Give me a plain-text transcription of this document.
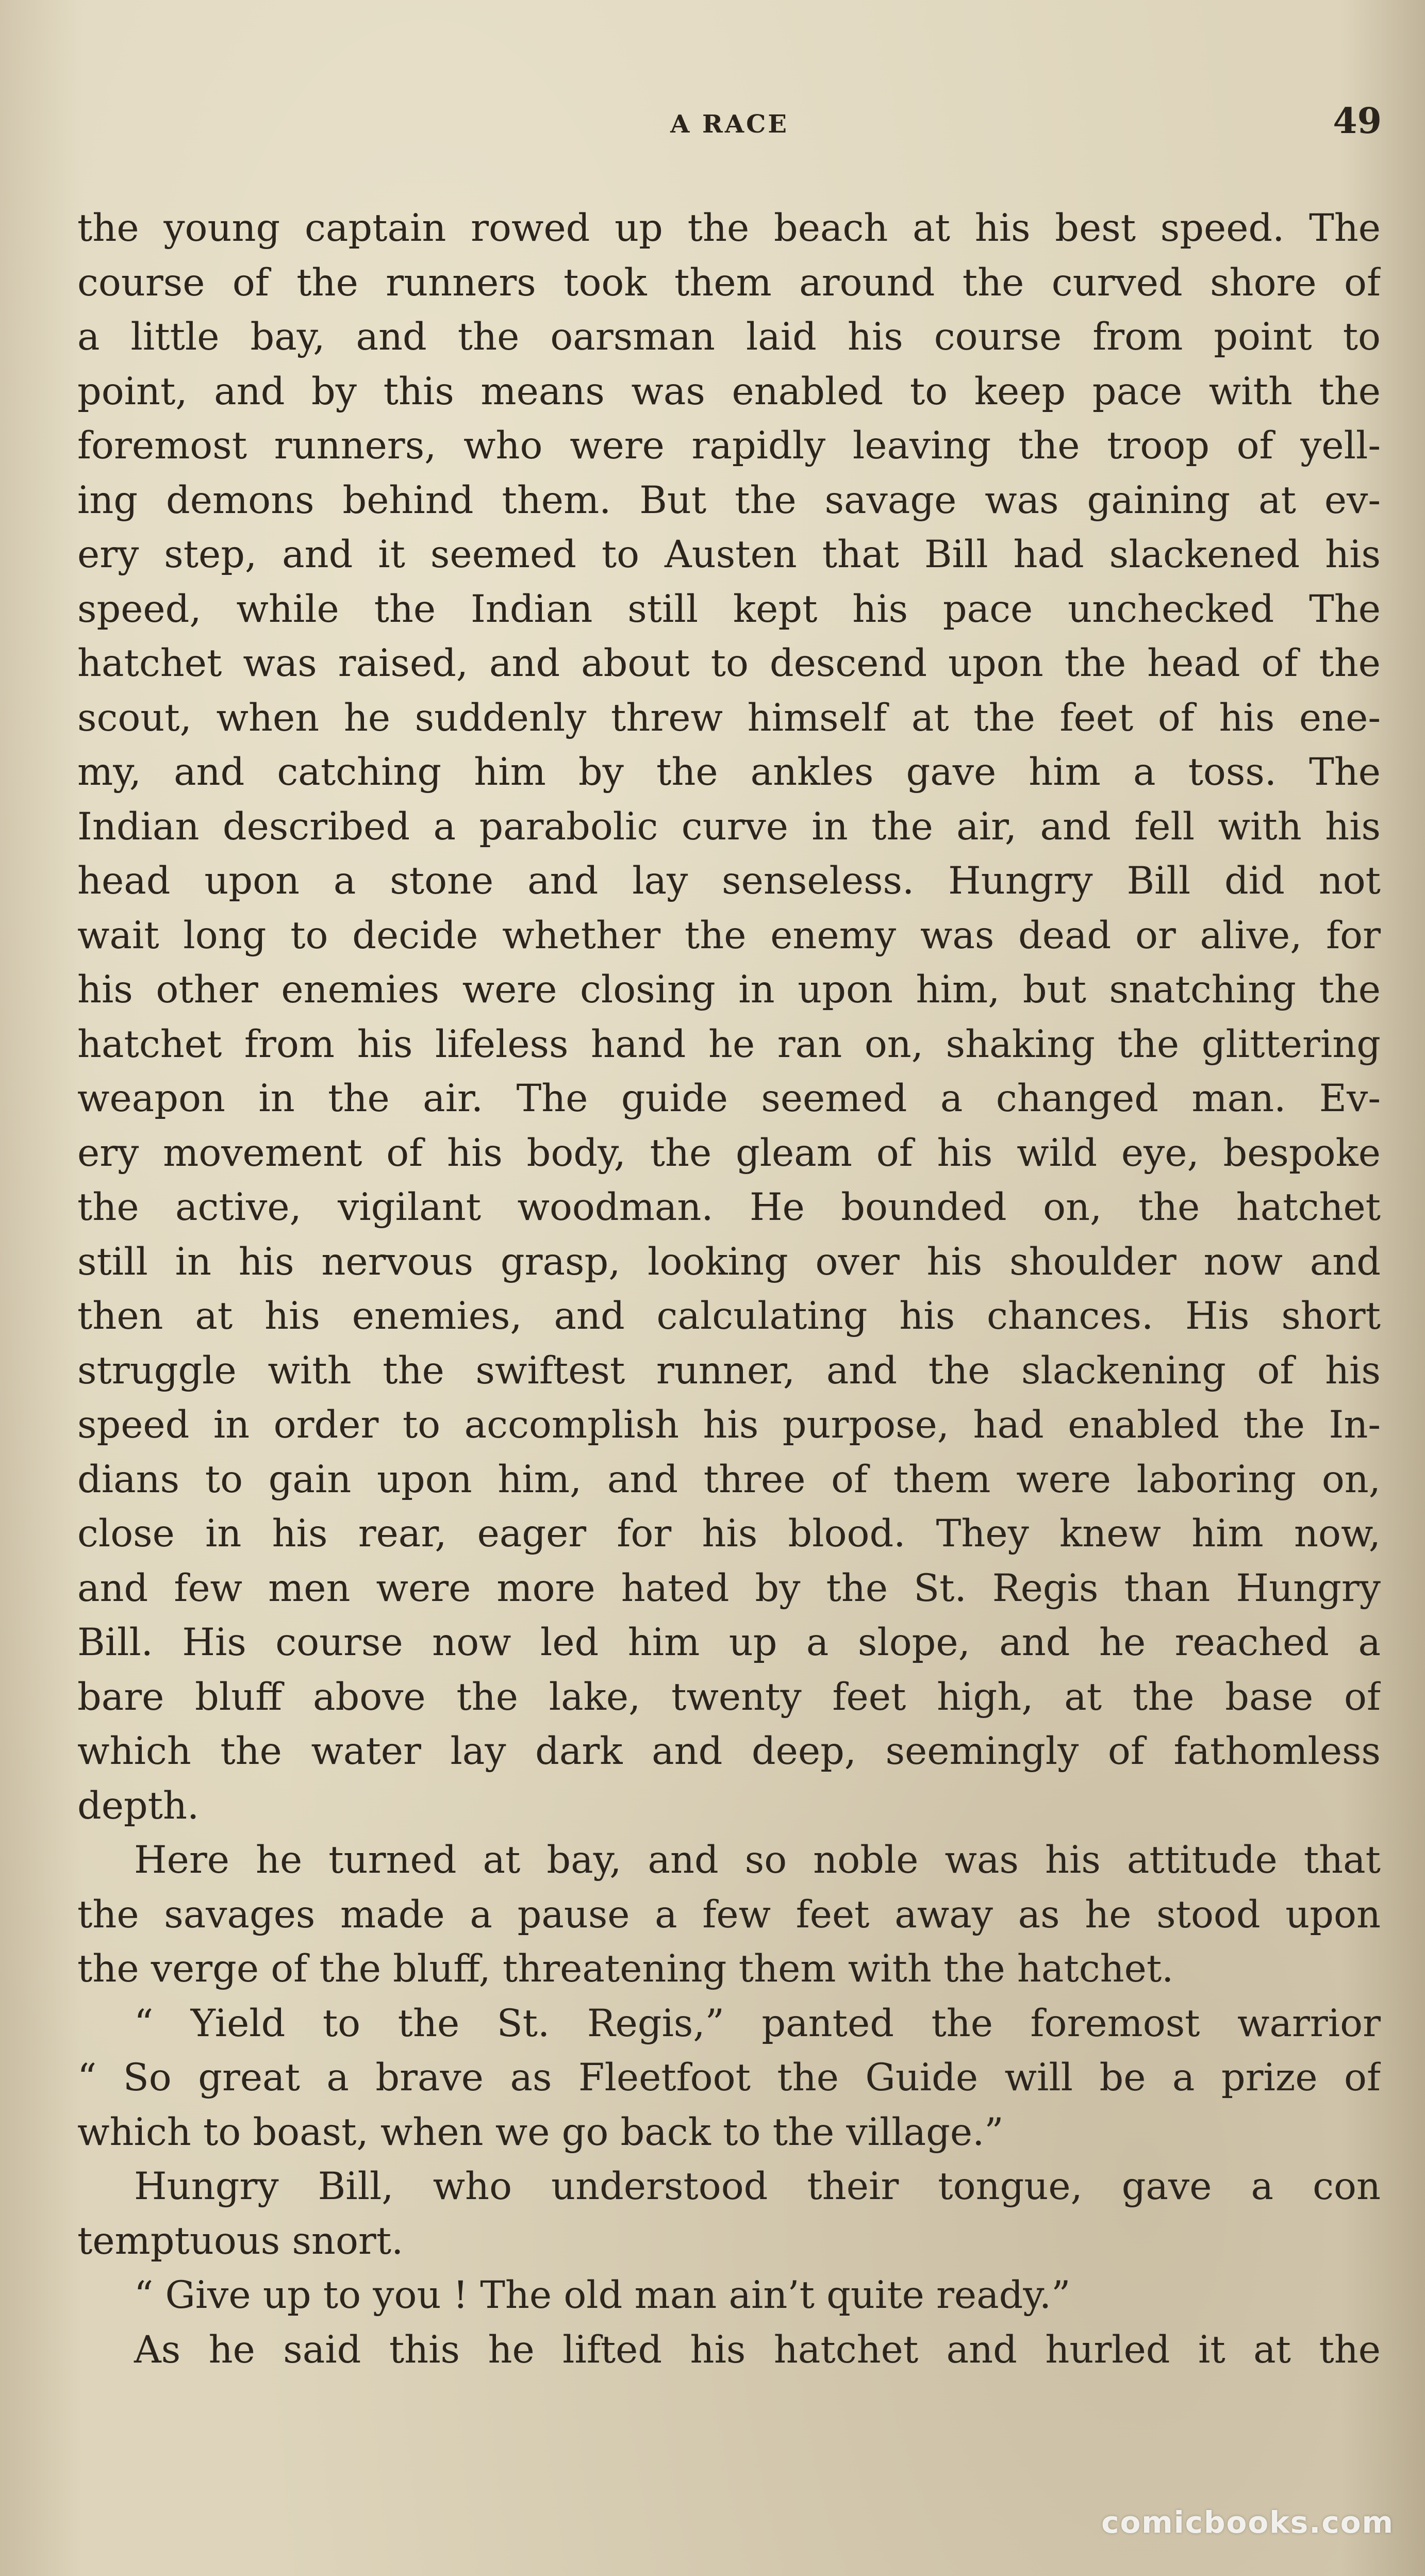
A RACE	49
the young captain rowed up the beach at his best speed. The
course of the runners took them around the curved shore of
a little bay, and the oarsman laid his course from point to
point, and by this means was enabled to keep pace with the
foremost runners, who were rapidly leaving the troop of yell-
ing demons behind them. But the savage was gaining at ev-
ery step, and it seemed to Austen that Bill had slackened his
speed, while the Indian still kept his pace unchecked The
hatchet was raised, and about to descend upon the head of the
scout, when he suddenly threw himself at the feet of his ene-
my, and catching him by the ankles gave him a toss. The
Indian described a parabolic curve in the air, and fell with his
head upon a stone and lay senseless. Hungry Bill did not
wait long to decide whether the enemy was dead or alive, for
his other enemies were closing in upon him, but snatching the
hatchet from his lifeless hand he ran on, shaking the glittering
weapon in the air. The guide seemed a changed man. Ev-
ery movement of his body, the gleam of his wild eye, bespoke
the active, vigilant woodman. He bounded on, the hatchet
still in his nervous grasp, looking over his shoulder now and
then at his enemies, and calculating his chances. His short
struggle with the swiftest runner, and the slackening of his
speed in order to accomplish his purpose, had enabled the In-
dians to gain upon him, and three of them were laboring on,
close in his rear, eager for his blood. They knew him now,
and few men were more hated by the St. Regis than Hungry
Bill. His course now led him up a slope, and he reached a
bare bluff above the lake, twenty feet high, at the base of
which the water lay dark and deep, seemingly of fathomless
depth.
Here he turned at bay, and so noble was his attitude that
the savages made a pause a few feet away as he stood upon
the verge of the bluff, threatening them with the hatchet.
“ Yield to the St. Regis,” panted the foremost warrior
“ So great a brave as Fleetfoot the Guide will be a prize of
which to boast, when we go back to the village.”
Hungry Bill, who understood their tongue, gave a con
temptuous snort.
“ Give up to you ! The old man ain’t quite ready.”
As he said this he lifted his hatchet and hurled it at the
comicbooks.com
